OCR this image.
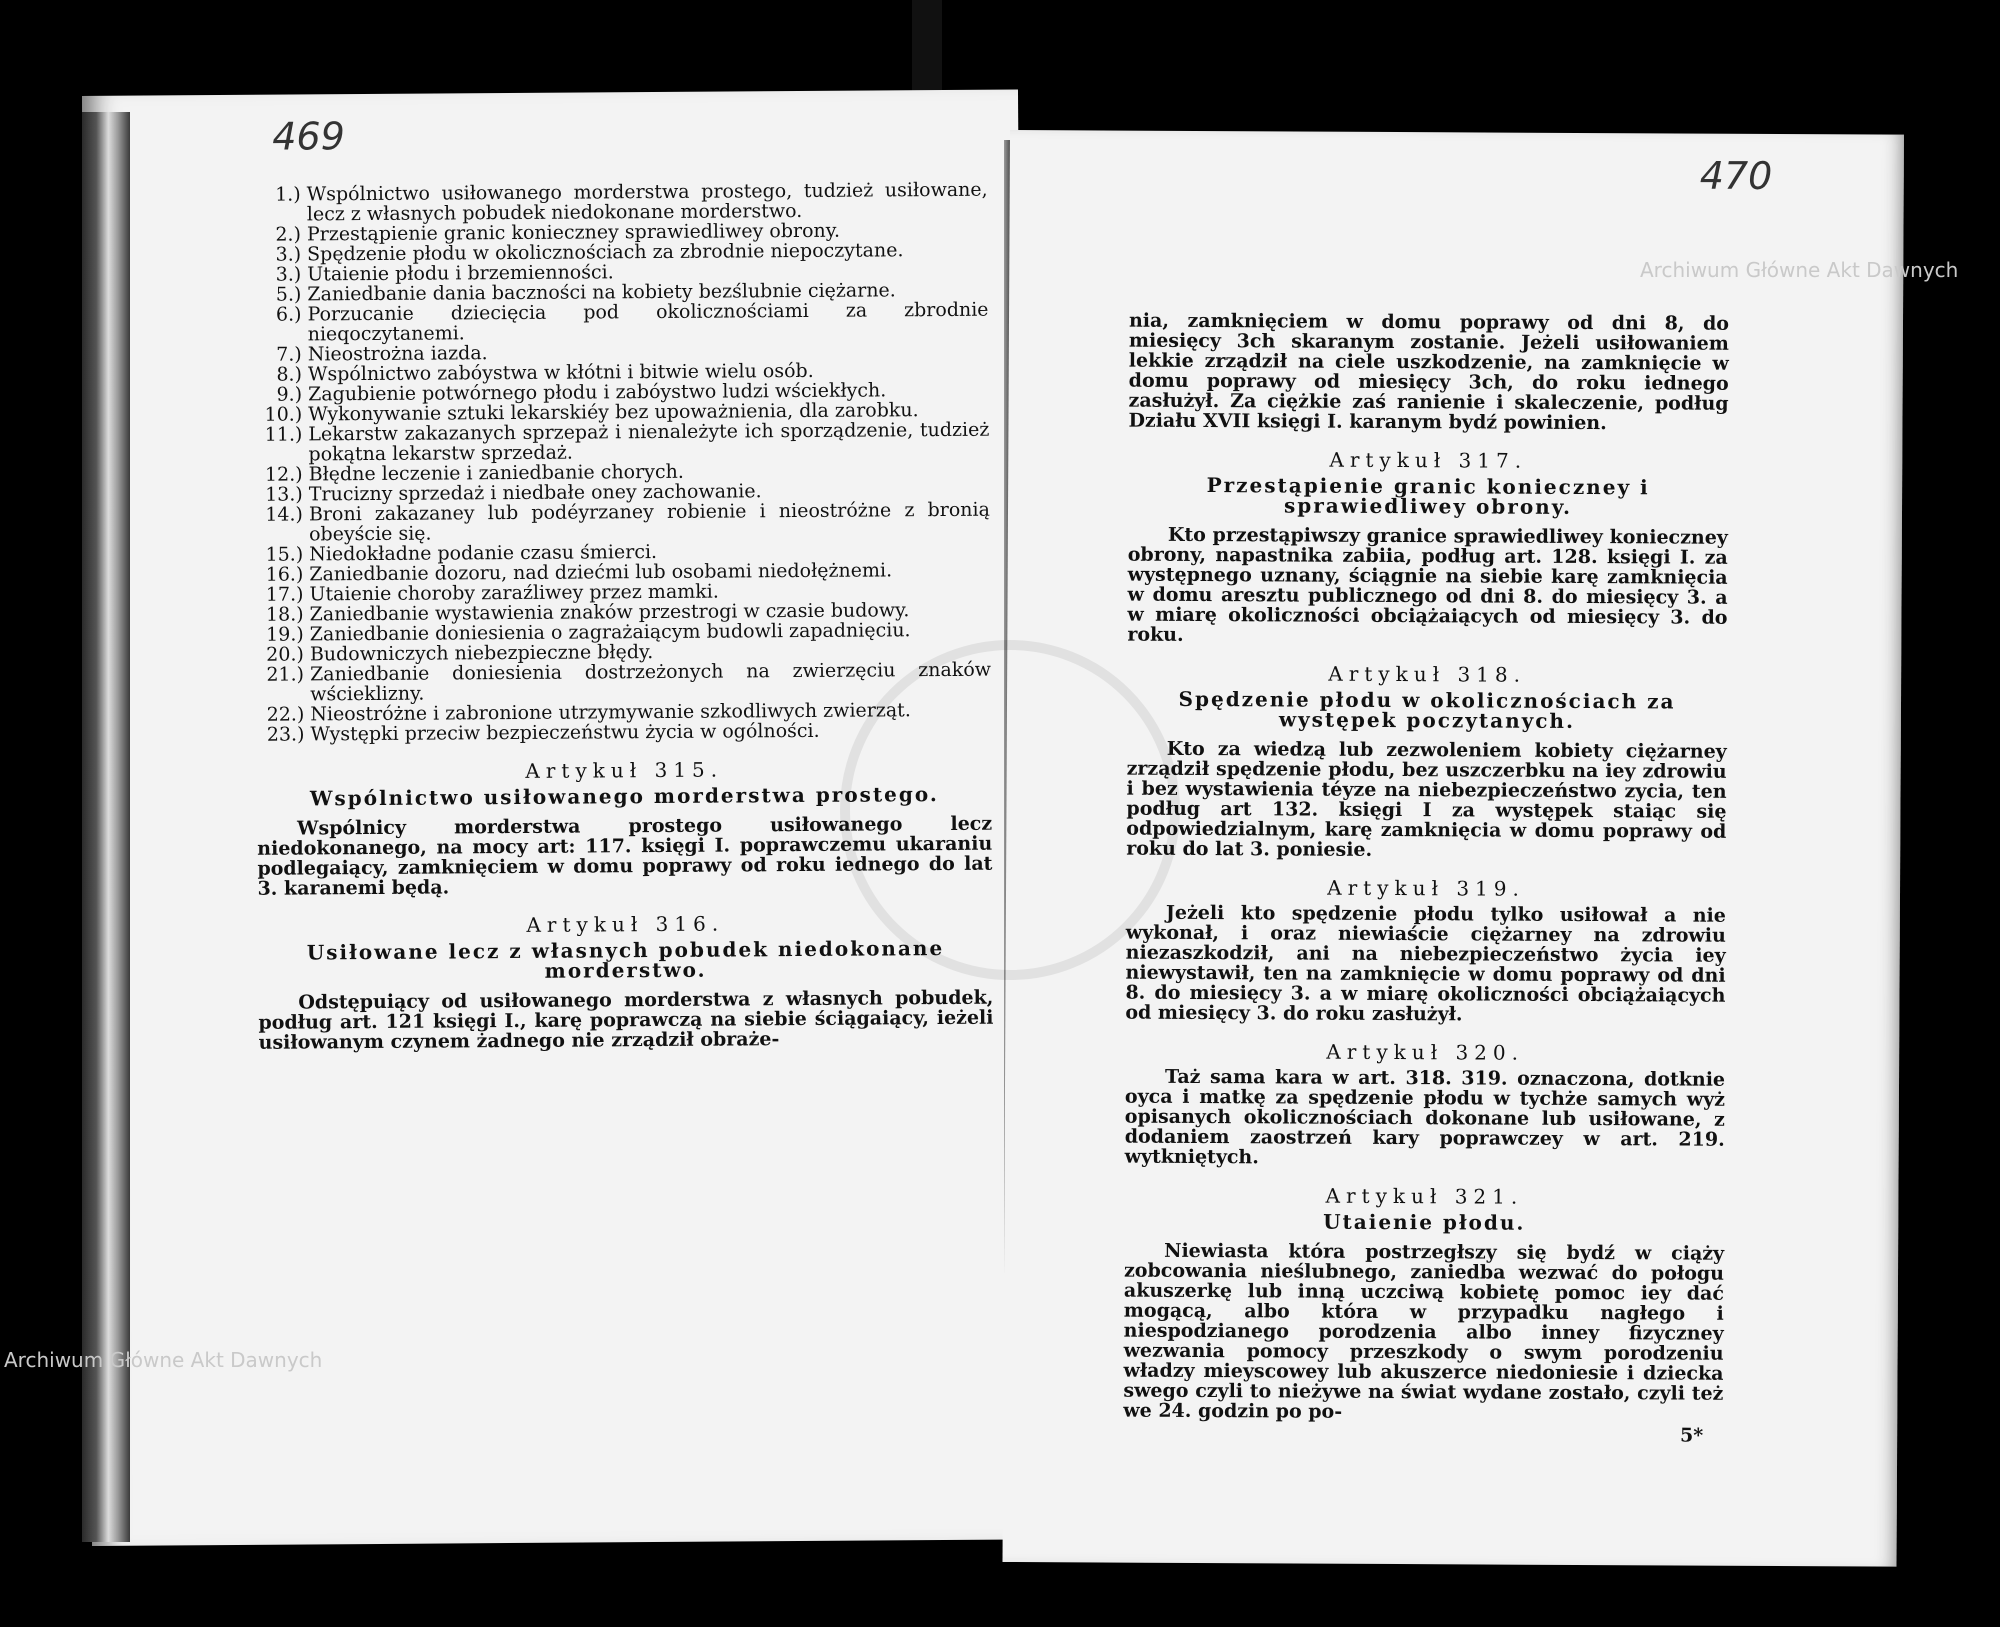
469
1.) Wspólnictwo usiłowanego morderstwa prostego, tudzież usiłowane, lecz z własnych pobudek niedokonane morderstwo.
2.) Przestąpienie granic konieczney sprawiedliwey obrony.
3.) Spędzenie płodu w okolicznościach za zbrodnie niepoczytane.
3.) Utaienie płodu i brzemienności.
5.) Zaniedbanie dania baczności na kobiety bezślubnie ciężarne.
6.) Porzucanie dziecięcia pod okolicznościami za zbrodnie nieqoczytanemi.
7.) Nieostrożna iazda.
8.) Wspólnictwo zabóystwa w kłótni i bitwie wielu osób.
9.) Zagubienie potwórnego płodu i zabóystwo ludzi wściekłych.
10.) Wykonywanie sztuki lekarskiéy bez upoważnienia, dla zarobku.
11.) Lekarstw zakazanych sprzepaż i nienależyte ich sporządzenie, tudzież pokątna lekarstw sprzedaż.
12.) Błędne leczenie i zaniedbanie chorych.
13.) Trucizny sprzedaż i niedbałe oney zachowanie.
14.) Broni zakazaney lub podéyrzaney robienie i nieostróżne z bronią obeyście się.
15.) Niedokładne podanie czasu śmierci.
16.) Zaniedbanie dozoru, nad dziećmi lub osobami niedołężnemi.
17.) Utaienie choroby zaraźliwey przez mamki.
18.) Zaniedbanie wystawienia znaków przestrogi w czasie budowy.
19.) Zaniedbanie doniesienia o zagrażaiącym budowli zapadnięciu.
20.) Budowniczych niebezpieczne błędy.
21.) Zaniedbanie doniesienia dostrzeżonych na zwierzęciu znaków wścieklizny.
22.) Nieostróżne i zabronione utrzymywanie szkodliwych zwierząt.
23.) Występki przeciw bezpieczeństwu życia w ogólności.
Artykuł 315.
Wspólnictwo usiłowanego morderstwa prostego.
Wspólnicy morderstwa prostego usiłowanego lecz niedokonanego, na mocy art: 117. księgi I. poprawczemu ukaraniu podlegaiący, zamknięciem w domu poprawy od roku iednego do lat 3. karanemi będą.
Artykuł 316.
Usiłowane lecz z własnych pobudek niedokonane morderstwo.
Odstępuiący od usiłowanego morderstwa z własnych pobudek, podług art. 121 księgi I., karę poprawczą na siebie ściągaiący, ieżeli usiłowanym czynem żadnego nie zrządził obraże-
470
nia, zamknięciem w domu poprawy od dni 8, do miesięcy 3ch skaranym zostanie. Jeżeli usiłowaniem lekkie zrządził na ciele uszkodzenie, na zamknięcie w domu poprawy od miesięcy 3ch, do roku iednego zasłużył. Za ciężkie zaś ranienie i skaleczenie, podług Działu XVII księgi I. karanym bydź powinien.
Artykuł 317.
Przestąpienie granic konieczney i sprawiedliwey obrony.
Kto przestąpiwszy granice sprawiedliwey konieczney obrony, napastnika zabiia, podług art. 128. księgi I. za występnego uznany, ściągnie na siebie karę zamknięcia w domu aresztu publicznego od dni 8. do miesięcy 3. a w miarę okoliczności obciążaiących od miesięcy 3. do roku.
Artykuł 318.
Spędzenie płodu w okolicznościach za występek poczytanych.
Kto za wiedzą lub zezwoleniem kobiety ciężarney zrządził spędzenie płodu, bez uszczerbku na iey zdrowiu i bez wystawienia téyze na niebezpieczeństwo zycia, ten podług art 132. księgi I za występek staiąc się odpowiedzialnym, karę zamknięcia w domu poprawy od roku do lat 3. poniesie.
Artykuł 319.
Jeżeli kto spędzenie płodu tylko usiłował a nie wykonał, i oraz niewiaście ciężarney na zdrowiu niezaszkodził, ani na niebezpieczeństwo życia iey niewystawił, ten na zamknięcie w domu poprawy od dni 8. do miesięcy 3. a w miarę okoliczności obciążaiących od miesięcy 3. do roku zasłużył.
Artykuł 320.
Taż sama kara w art. 318. 319. oznaczona, dotknie oyca i matkę za spędzenie płodu w tychże samych wyż opisanych okolicznościach dokonane lub usiłowane, z dodaniem zaostrzeń kary poprawczey w art. 219. wytkniętych.
Artykuł 321.
Utaienie płodu.
Niewiasta która postrzegłszy się bydź w ciąży zobcowania nieślubnego, zaniedba wezwać do połogu akuszerkę lub inną uczciwą kobietę pomoc iey dać mogącą, albo która w przypadku nagłego i niespodzianego porodzenia albo inney fizyczney wezwania pomocy przeszkody o swym porodzeniu władzy mieyscowey lub akuszerce niedoniesie i dziecka swego czyli to nieżywe na świat wydane zostało, czyli też we 24. godzin po po-
5*
Archiwum Główne Akt Dawnych
Archiwum Główne Akt Dawnych
